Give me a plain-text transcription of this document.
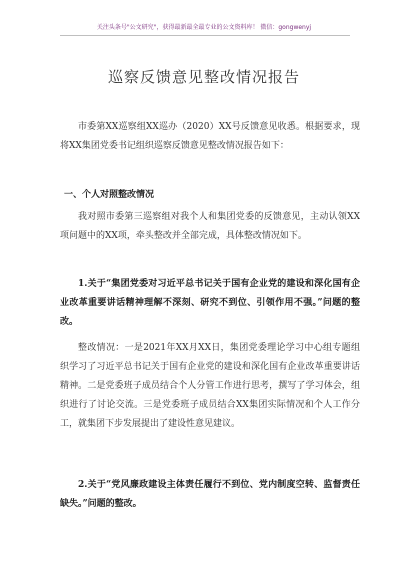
关注头条号"公文研究"，获得最新最全最专业的公文资料库！ 微信：gongwenyj
巡察反馈意见整改情况报告

市委第XX巡察组XX巡办（2020）XX号反馈意见收悉。根据要求，现将XX集团党委书记组织巡察反馈意见整改情况报告如下：

一、个人对照整改情况

我对照市委第三巡察组对我个人和集团党委的反馈意见，主动认领XX项问题中的XX项，牵头整改并全部完成，具体整改情况如下。

1.关于“集团党委对习近平总书记关于国有企业党的建设和深化国有企业改革重要讲话精神理解不深刻、研究不到位、引领作用不强。”问题的整改。

整改情况：一是2021年XX月XX日，集团党委理论学习中心组专题组织学习了习近平总书记关于国有企业党的建设和深化国有企业改革重要讲话精神。二是党委班子成员结合个人分管工作进行思考，撰写了学习体会，组织进行了讨论交流。三是党委班子成员结合XX集团实际情况和个人工作分工，就集团下步发展提出了建设性意见建议。

2.关于“党风廉政建设主体责任履行不到位、党内制度空转、监督责任缺失。”问题的整改。
